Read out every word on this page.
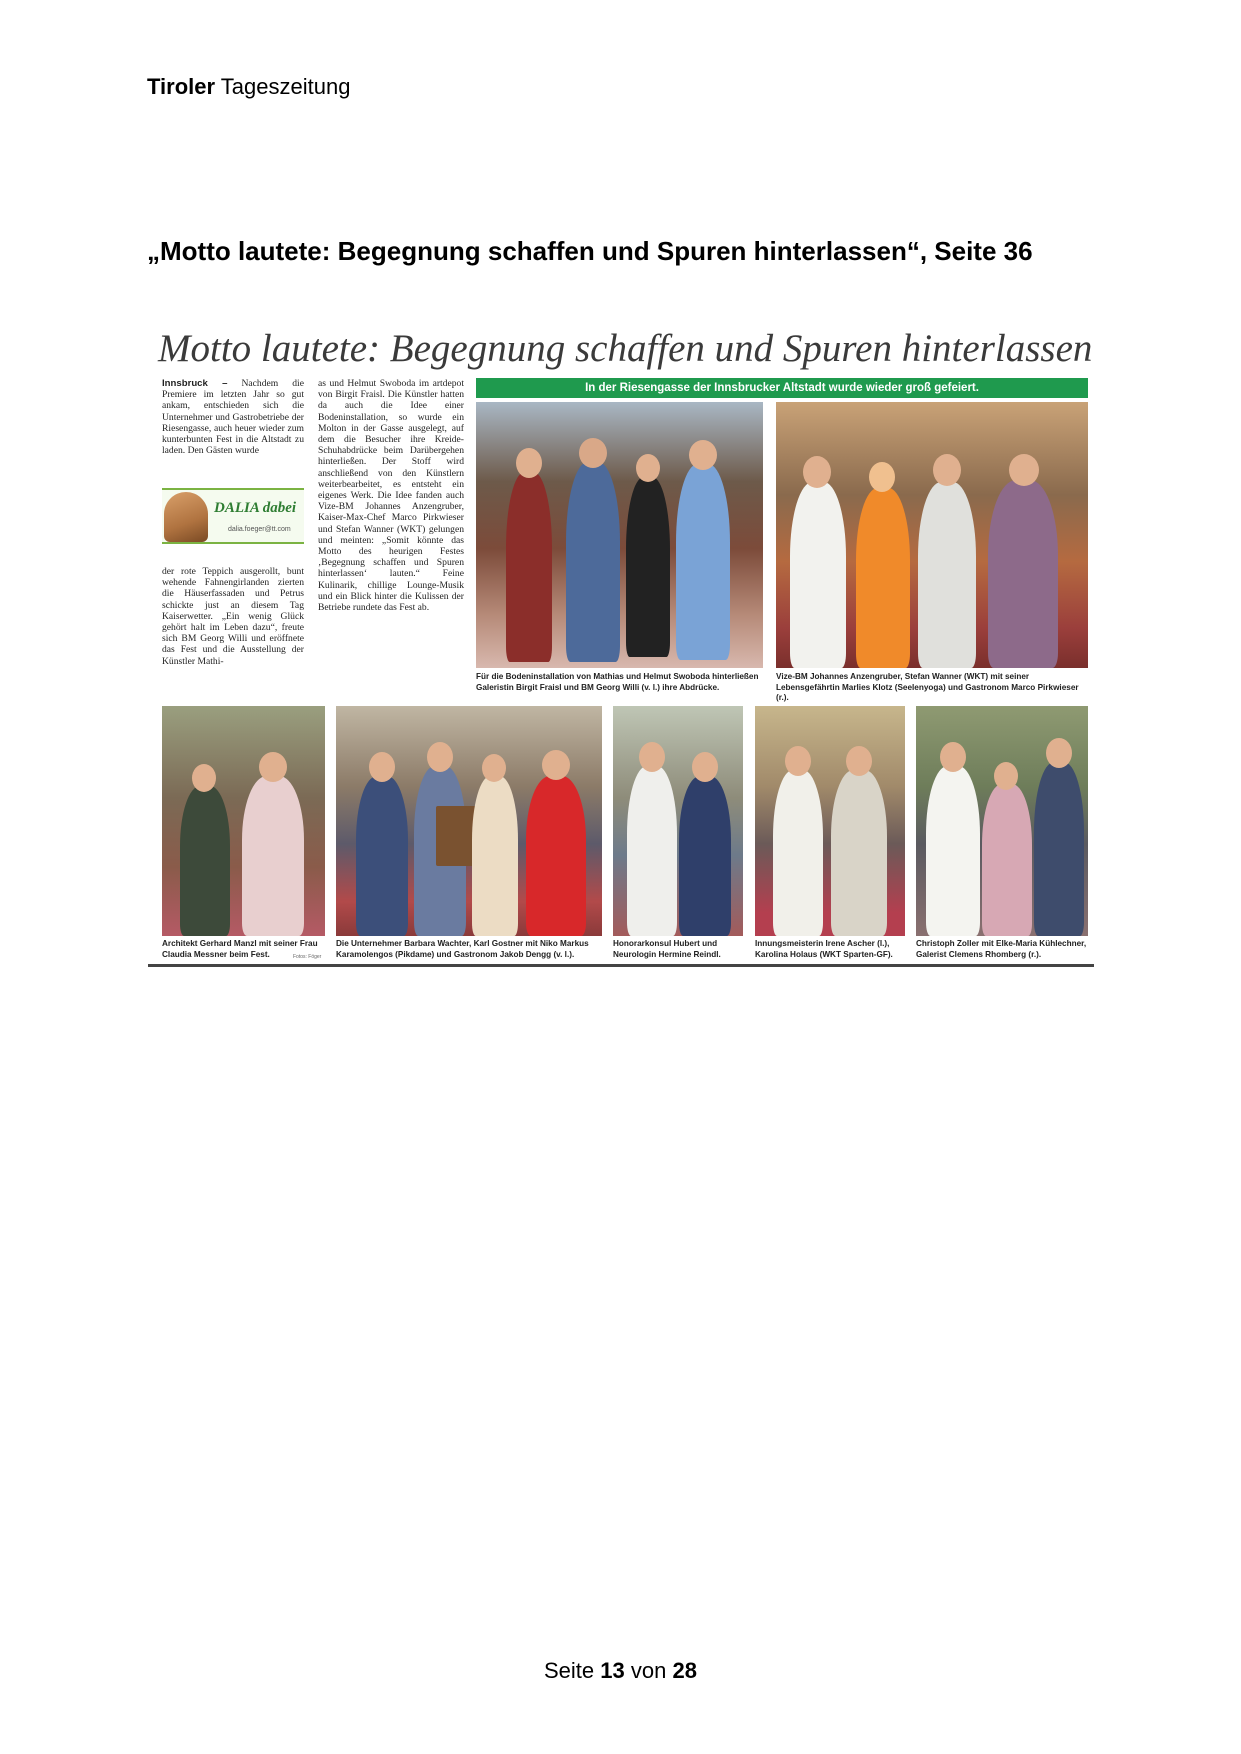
Tiroler Tageszeitung
„Motto lautete: Begegnung schaffen und Spuren hinterlassen“, Seite 36
Motto lautete: Begegnung schaffen und Spuren hinterlassen
Innsbruck – Nachdem die Premiere im letzten Jahr so gut ankam, entschieden sich die Unternehmer und Gastrobetriebe der Riesengasse, auch heuer wieder zum kunterbunten Fest in die Altstadt zu laden. Den Gästen wurde
DALIA dabei
dalia.foeger@tt.com
der rote Teppich ausgerollt, bunt wehende Fahnengirlanden zierten die Häuserfassaden und Petrus schickte just an diesem Tag Kaiserwetter. „Ein wenig Glück gehört halt im Leben dazu“, freute sich BM Georg Willi und eröffnete das Fest und die Ausstellung der Künstler Mathi-
as und Helmut Swoboda im artdepot von Birgit Fraisl. Die Künstler hatten da auch die Idee einer Bodeninstallation, so wurde ein Molton in der Gasse ausgelegt, auf dem die Besucher ihre Kreide-Schuhabdrücke beim Darübergehen hinterließen. Der Stoff wird anschließend von den Künstlern weiterbearbeitet, es entsteht ein eigenes Werk. Die Idee fanden auch Vize-BM Johannes Anzengruber, Kaiser-Max-Chef Marco Pirkwieser und Stefan Wanner (WKT) gelungen und meinten: „Somit könnte das Motto des heurigen Festes ‚Begegnung schaffen und Spuren hinterlassen‘ lauten.“ Feine Kulinarik, chillige Lounge-Musik und ein Blick hinter die Kulissen der Betriebe rundete das Fest ab.
In der Riesengasse der Innsbrucker Altstadt wurde wieder groß gefeiert.
Für die Bodeninstallation von Mathias und Helmut Swoboda hinterließen Galeristin Birgit Fraisl und BM Georg Willi (v. l.) ihre Abdrücke.
Vize-BM Johannes Anzengruber, Stefan Wanner (WKT) mit seiner Lebensgefährtin Marlies Klotz (Seelenyoga) und Gastronom Marco Pirkwieser (r.).
Architekt Gerhard Manzl mit seiner Frau Claudia Messner beim Fest.	Fotos: Föger
Die Unternehmer Barbara Wachter, Karl Gostner mit Niko Markus Karamolengos (Pikdame) und Gastronom Jakob Dengg (v. l.).
Honorarkonsul Hubert und Neurologin Hermine Reindl.
Innungsmeisterin Irene Ascher (l.), Karolina Holaus (WKT Sparten-GF).
Christoph Zoller mit Elke-Maria Kühlechner, Galerist Clemens Rhomberg (r.).
Seite 13 von 28
